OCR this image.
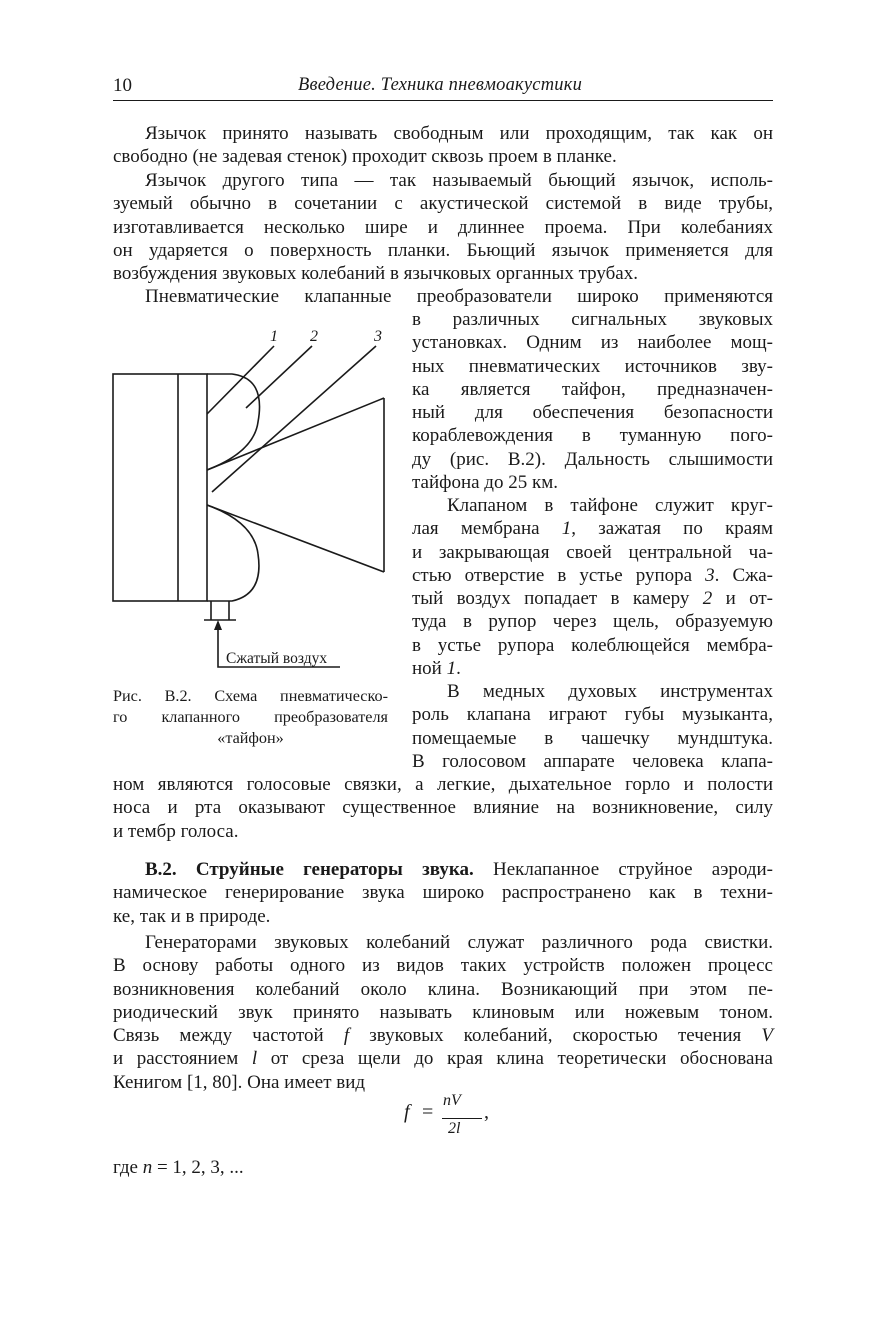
10	Введение. Техника пневмоакустики
Язычок принято называть свободным или проходящим, так как он
свободно (не задевая стенок) проходит сквозь проем в планке.
Язычок другого типа — так называемый бьющий язычок, исполь-
зуемый обычно в сочетании с акустической системой в виде трубы,
изготавливается несколько шире и длиннее проема. При колебаниях
он ударяется о поверхность планки. Бьющий язычок применяется для
возбуждения звуковых колебаний в язычковых органных трубах.
Пневматические клапанные преобразователи широко применяются
в различных сигнальных звуковых
установках. Одним из наиболее мощ-
ных пневматических источников зву-
ка является тайфон, предназначен-
ный для обеспечения безопасности
кораблевождения в туманную пого-
ду (рис. В.2). Дальность слышимости
тайфона до 25 км.
Клапаном в тайфоне служит круг-
лая мембрана 1, зажатая по краям
и закрывающая своей центральной ча-
стью отверстие в устье рупора 3. Сжа-
тый воздух попадает в камеру 2 и от-
туда в рупор через щель, образуемую
в устье рупора колеблющейся мембра-
ной 1.
В медных духовых инструментах
роль клапана играют губы музыканта,
помещаемые в чашечку мундштука.
В голосовом аппарате человека клапа-
1 2	3
Сжатый воздух
Рис. В.2. Схема пневматическо-
го клапанного преобразователя
«тайфон»
ном являются голосовые связки, а легкие, дыхательное горло и полости
носа и рта оказывают существенное влияние на возникновение, силу
и тембр голоса.
В.2. Струйные генераторы звука. Неклапанное струйное аэроди-
намическое генерирование звука широко распространено как в техни-
ке, так и в природе.
Генераторами звуковых колебаний служат различного рода свистки.
В основу работы одного из видов таких устройств положен процесс
возникновения колебаний около клина. Возникающий при этом пе-
риодический звук принято называть клиновым или ножевым тоном.
Связь между частотой f звуковых колебаний, скоростью течения V
и расстоянием l от среза щели до края клина теоретически обоснована
Кенигом [1, 80]. Она имеет вид
f =
nV
2l
,
где n = 1, 2, 3, ...
